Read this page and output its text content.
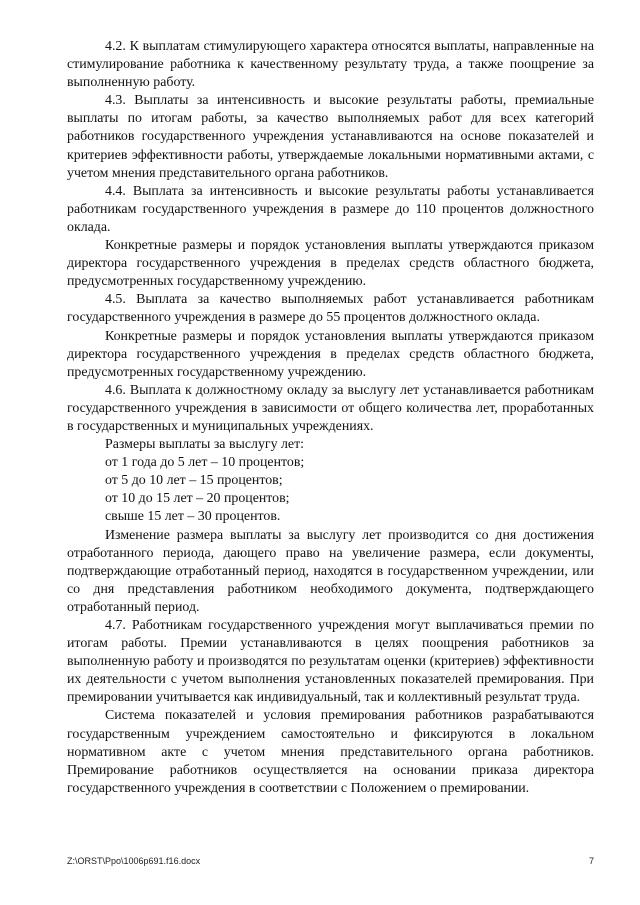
4.2. К выплатам стимулирующего характера относятся выплаты, направленные на стимулирование работника к качественному результату труда, а также поощрение за выполненную работу.

4.3. Выплаты за интенсивность и высокие результаты работы, премиальные выплаты по итогам работы, за качество выполняемых работ для всех категорий работников государственного учреждения устанавливаются на основе показателей и критериев эффективности работы, утверждаемые локальными нормативными актами, с учетом мнения представительного органа работников.

4.4. Выплата за интенсивность и высокие результаты работы устанавливается работникам государственного учреждения в размере до 110 процентов должностного оклада.

Конкретные размеры и порядок установления выплаты утверждаются приказом директора государственного учреждения в пределах средств областного бюджета, предусмотренных государственному учреждению.

4.5. Выплата за качество выполняемых работ устанавливается работникам государственного учреждения в размере до 55 процентов должностного оклада.

Конкретные размеры и порядок установления выплаты утверждаются приказом директора государственного учреждения в пределах средств областного бюджета, предусмотренных государственному учреждению.

4.6. Выплата к должностному окладу за выслугу лет устанавливается работникам государственного учреждения в зависимости от общего количества лет, проработанных в государственных и муниципальных учреждениях.

Размеры выплаты за выслугу лет:

от 1 года до 5 лет – 10 процентов;

от 5 до 10 лет – 15 процентов;

от 10 до 15 лет – 20 процентов;

свыше 15 лет – 30 процентов.

Изменение размера выплаты за выслугу лет производится со дня достижения отработанного периода, дающего право на увеличение размера, если документы, подтверждающие отработанный период, находятся в государственном учреждении, или со дня представления работником необходимого документа, подтверждающего отработанный период.

4.7. Работникам государственного учреждения могут выплачиваться премии по итогам работы. Премии устанавливаются в целях поощрения работников за выполненную работу и производятся по результатам оценки (критериев) эффективности их деятельности с учетом выполнения установленных показателей премирования. При премировании учитывается как индивидуальный, так и коллективный результат труда.

Система показателей и условия премирования работников разрабатываются государственным учреждением самостоятельно и фиксируются в локальном нормативном акте с учетом мнения представительного органа работников. Премирование работников осуществляется на основании приказа директора государственного учреждения в соответствии с Положением о премировании.

Z:\ORST\Ppo\1006p691.f16.docx	7
